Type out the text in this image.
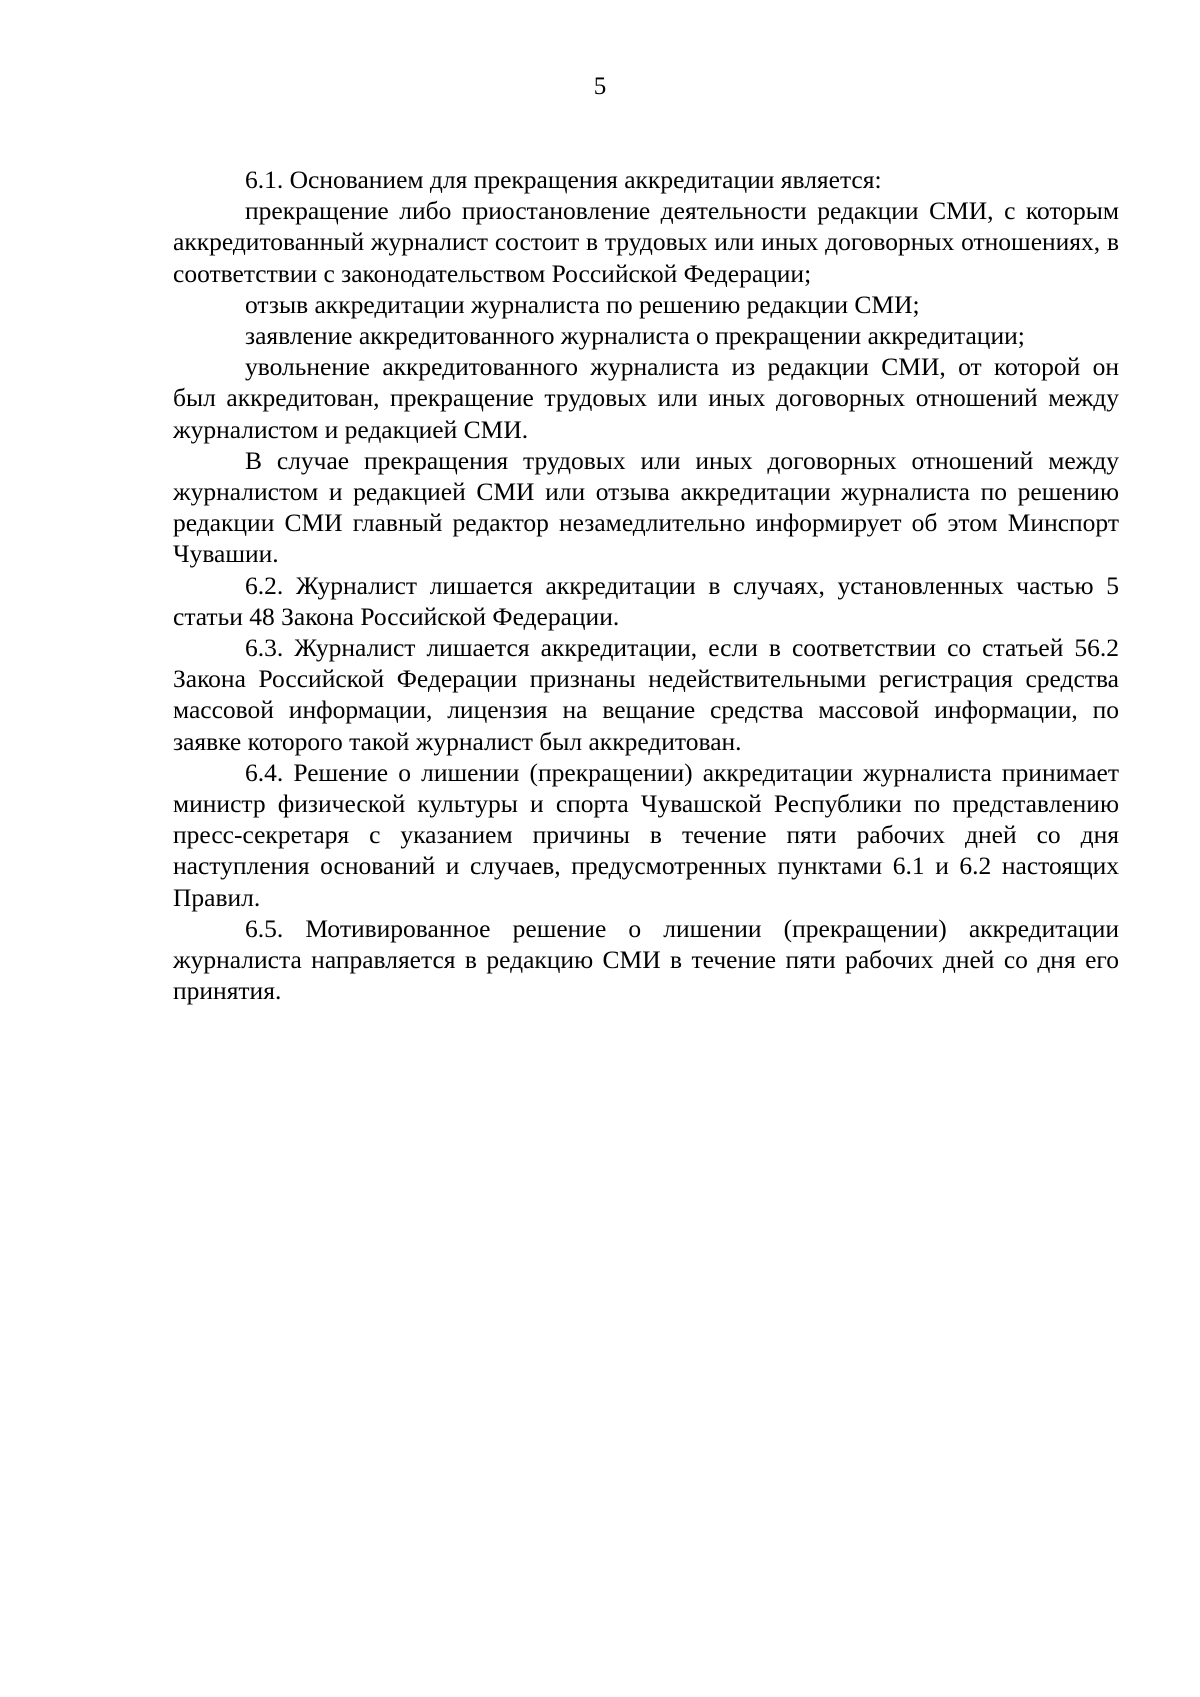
5

6.1. Основанием для прекращения аккредитации является:

прекращение либо приостановление деятельности редакции СМИ, с которым аккредитованный журналист состоит в трудовых или иных договорных отношениях, в соответствии с законодательством Российской Федерации;

отзыв аккредитации журналиста по решению редакции СМИ;

заявление аккредитованного журналиста о прекращении аккредитации;

увольнение аккредитованного журналиста из редакции СМИ, от которой он был аккредитован, прекращение трудовых или иных договорных отношений между журналистом и редакцией СМИ.

В случае прекращения трудовых или иных договорных отношений между журналистом и редакцией СМИ или отзыва аккредитации журналиста по решению редакции СМИ главный редактор незамедлительно информирует об этом Минспорт Чувашии.

6.2. Журналист лишается аккредитации в случаях, установленных частью 5 статьи 48 Закона Российской Федерации.

6.3. Журналист лишается аккредитации, если в соответствии со статьей 56.2 Закона Российской Федерации признаны недействительными регистрация средства массовой информации, лицензия на вещание средства массовой информации, по заявке которого такой журналист был аккредитован.

6.4. Решение о лишении (прекращении) аккредитации журналиста принимает министр физической культуры и спорта Чувашской Республики по представлению пресс-секретаря с указанием причины в течение пяти рабочих дней со дня наступления оснований и случаев, предусмотренных пунктами 6.1 и 6.2 настоящих Правил.

6.5. Мотивированное решение о лишении (прекращении) аккредитации журналиста направляется в редакцию СМИ в течение пяти рабочих дней со дня его принятия.
